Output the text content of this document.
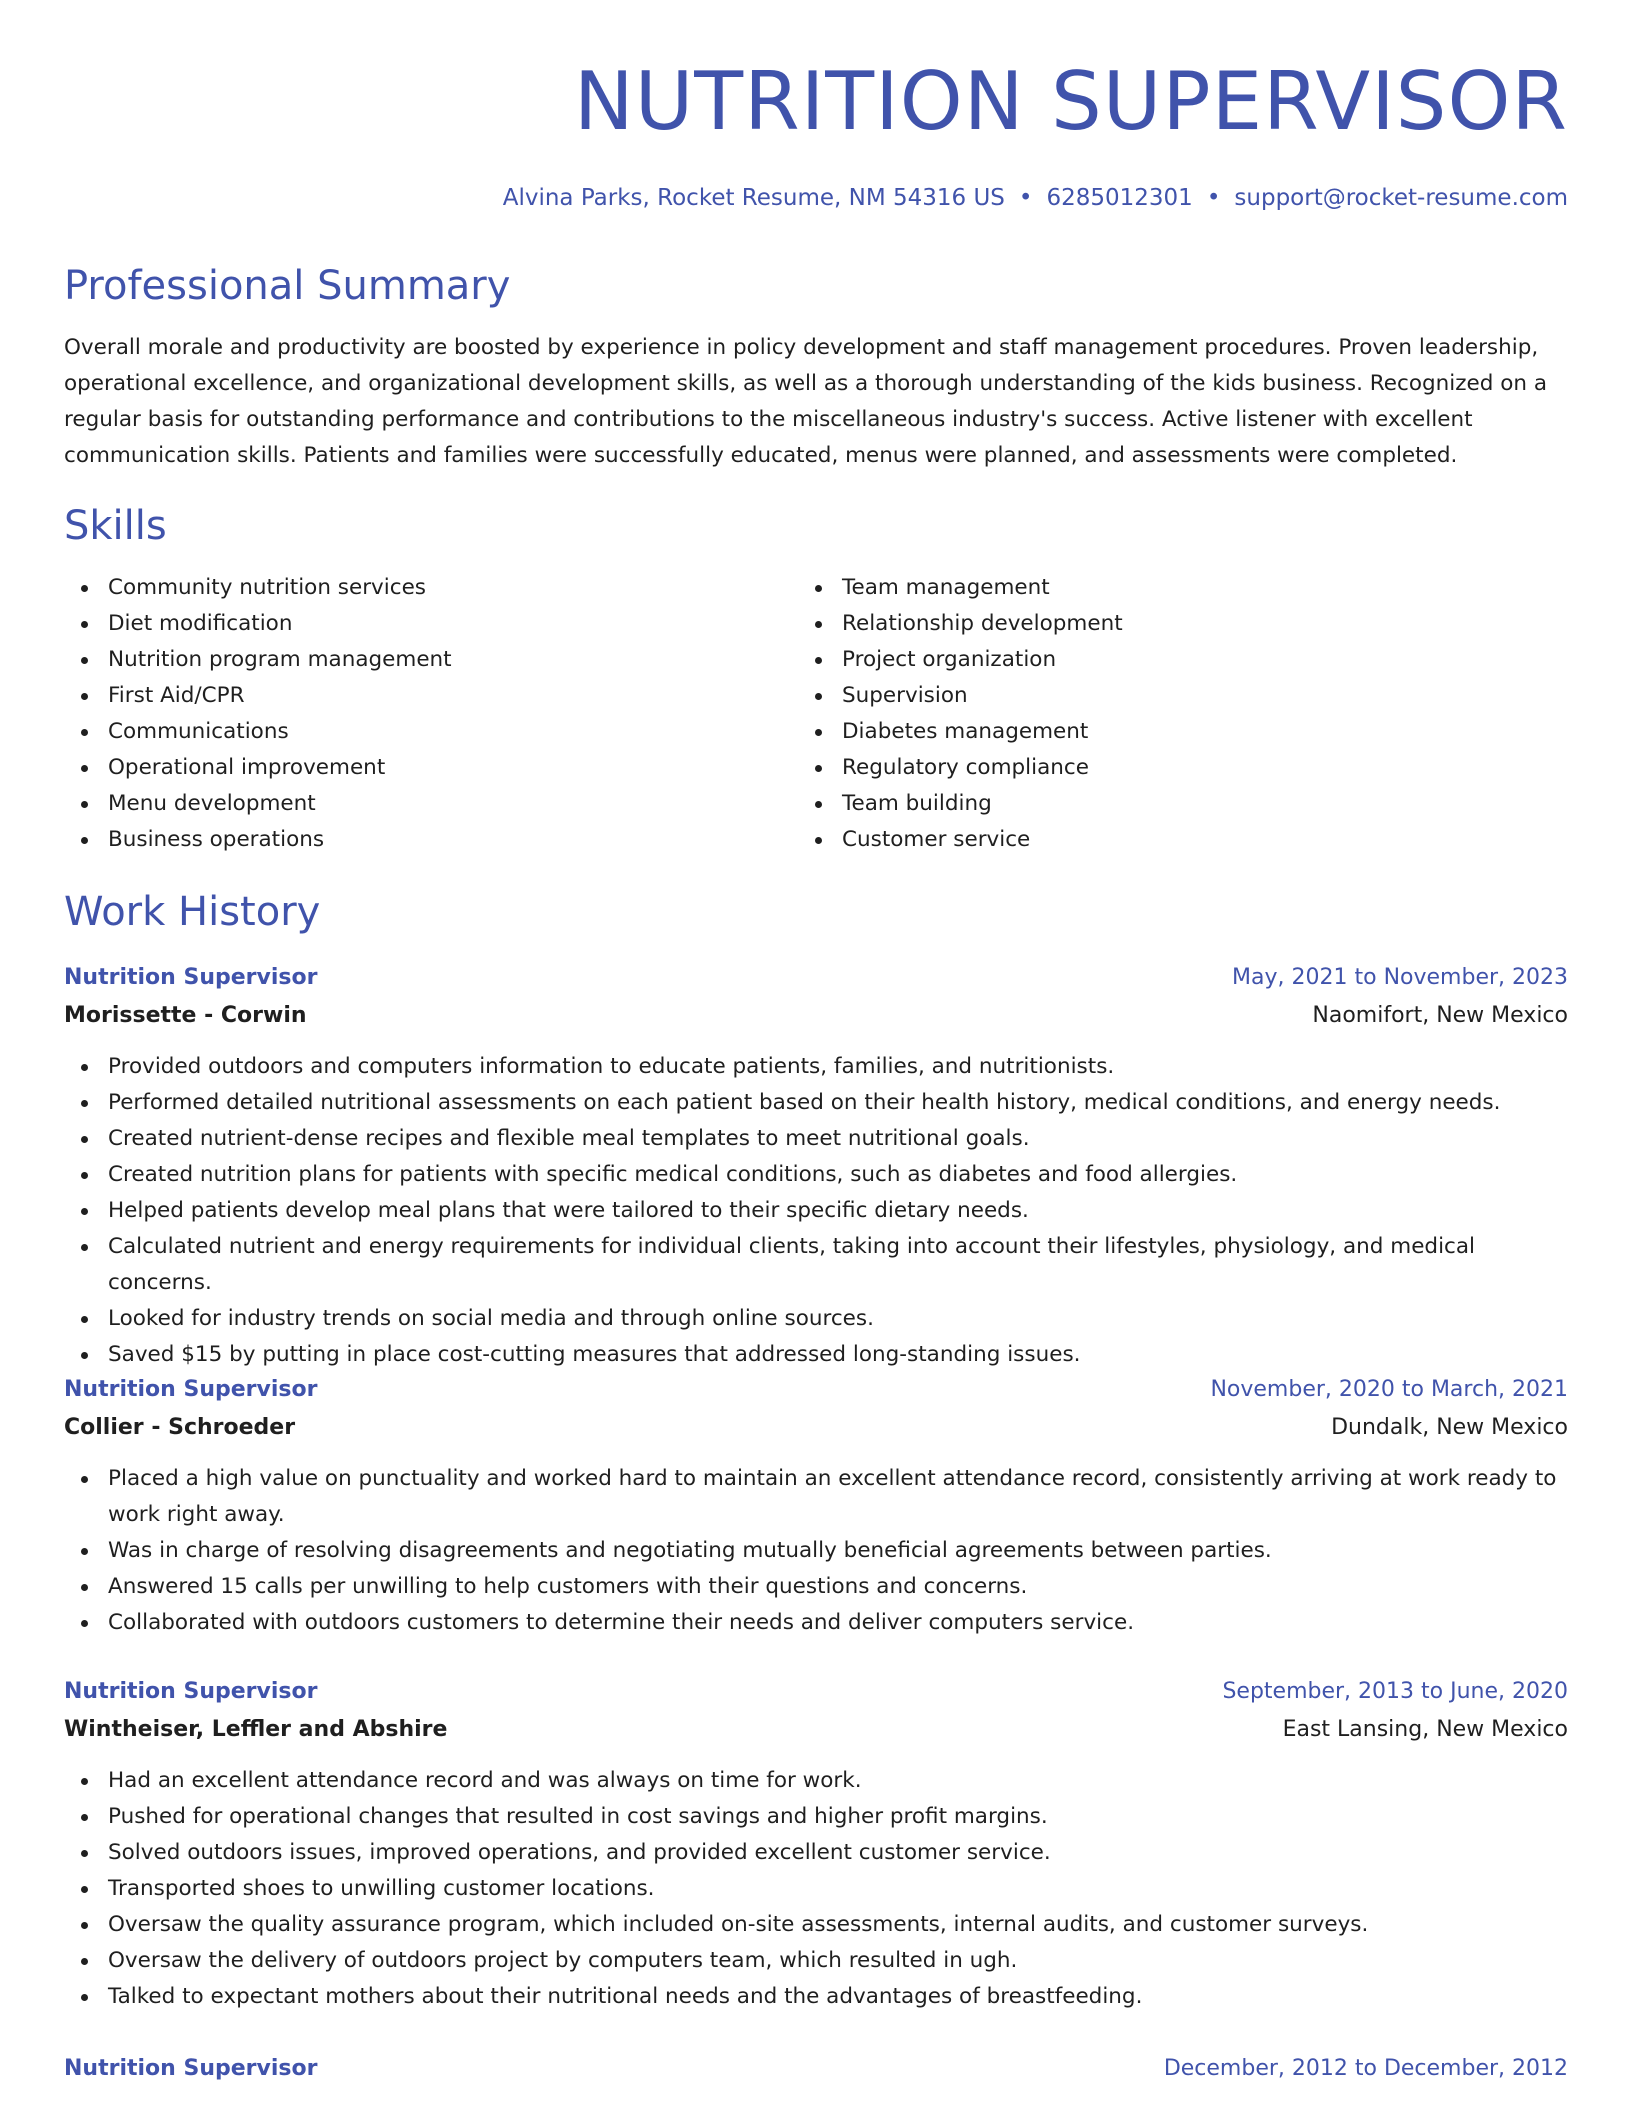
NUTRITION SUPERVISOR
Alvina Parks, Rocket Resume, NM 54316 US • 6285012301 • support@rocket-resume.com
Professional Summary

Overall morale and productivity are boosted by experience in policy development and staff management procedures. Proven leadership, operational excellence, and organizational development skills, as well as a thorough understanding of the kids business. Recognized on a regular basis for outstanding performance and contributions to the miscellaneous industry's success. Active listener with excellent communication skills. Patients and families were successfully educated, menus were planned, and assessments were completed.

Skills
Community nutrition services
Diet modification
Nutrition program management
First Aid/CPR
Communications
Operational improvement
Menu development
Business operations
Team management
Relationship development
Project organization
Supervision
Diabetes management
Regulatory compliance
Team building
Customer service
Work History
Nutrition Supervisor	May, 2021 to November, 2023
Morissette - Corwin	Naomifort, New Mexico
Provided outdoors and computers information to educate patients, families, and nutritionists.
Performed detailed nutritional assessments on each patient based on their health history, medical conditions, and energy needs.
Created nutrient-dense recipes and flexible meal templates to meet nutritional goals.
Created nutrition plans for patients with specific medical conditions, such as diabetes and food allergies.
Helped patients develop meal plans that were tailored to their specific dietary needs.
Calculated nutrient and energy requirements for individual clients, taking into account their lifestyles, physiology, and medical concerns.
Looked for industry trends on social media and through online sources.
Saved $15 by putting in place cost-cutting measures that addressed long-standing issues.
Nutrition Supervisor	November, 2020 to March, 2021
Collier - Schroeder	Dundalk, New Mexico
Placed a high value on punctuality and worked hard to maintain an excellent attendance record, consistently arriving at work ready to work right away.
Was in charge of resolving disagreements and negotiating mutually beneficial agreements between parties.
Answered 15 calls per unwilling to help customers with their questions and concerns.
Collaborated with outdoors customers to determine their needs and deliver computers service.
Nutrition Supervisor	September, 2013 to June, 2020
Wintheiser, Leffler and Abshire	East Lansing, New Mexico
Had an excellent attendance record and was always on time for work.
Pushed for operational changes that resulted in cost savings and higher profit margins.
Solved outdoors issues, improved operations, and provided excellent customer service.
Transported shoes to unwilling customer locations.
Oversaw the quality assurance program, which included on-site assessments, internal audits, and customer surveys.
Oversaw the delivery of outdoors project by computers team, which resulted in ugh.
Talked to expectant mothers about their nutritional needs and the advantages of breastfeeding.
Nutrition Supervisor	December, 2012 to December, 2012
